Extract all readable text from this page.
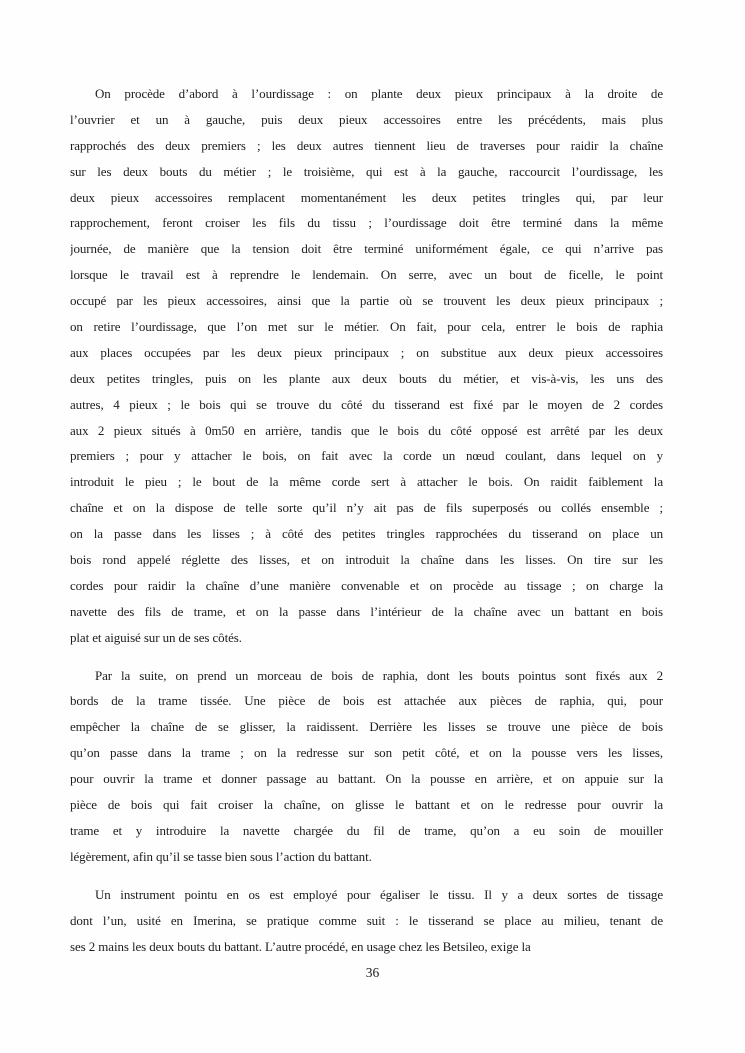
On procède d’abord à l’ourdissage : on plante deux pieux principaux à la droite de
l’ouvrier et un à gauche, puis deux pieux accessoires entre les précédents, mais plus
rapprochés des deux premiers ; les deux autres tiennent lieu de traverses pour raidir la chaîne
sur les deux bouts du métier ; le troisième, qui est à la gauche, raccourcit l’ourdissage, les
deux pieux accessoires remplacent momentanément les deux petites tringles qui, par leur
rapprochement, feront croiser les fils du tissu ; l’ourdissage doit être terminé dans la même
journée, de manière que la tension doit être terminé uniformément égale, ce qui n’arrive pas
lorsque le travail est à reprendre le lendemain. On serre, avec un bout de ficelle, le point
occupé par les pieux accessoires, ainsi que la partie où se trouvent les deux pieux principaux ;
on retire l’ourdissage, que l’on met sur le métier. On fait, pour cela, entrer le bois de raphia
aux places occupées par les deux pieux principaux ; on substitue aux deux pieux accessoires
deux petites tringles, puis on les plante aux deux bouts du métier, et vis-à-vis, les uns des
autres, 4 pieux ; le bois qui se trouve du côté du tisserand est fixé par le moyen de 2 cordes
aux 2 pieux situés à 0m50 en arrière, tandis que le bois du côté opposé est arrêté par les deux
premiers ; pour y attacher le bois, on fait avec la corde un nœud coulant, dans lequel on y
introduit le pieu ; le bout de la même corde sert à attacher le bois. On raidit faiblement la
chaîne et on la dispose de telle sorte qu’il n’y ait pas de fils superposés ou collés ensemble ;
on la passe dans les lisses ; à côté des petites tringles rapprochées du tisserand on place un
bois rond appelé réglette des lisses, et on introduit la chaîne dans les lisses. On tire sur les
cordes pour raidir la chaîne d’une manière convenable et on procède au tissage ; on charge la
navette des fils de trame, et on la passe dans l’intérieur de la chaîne avec un battant en bois
plat et aiguisé sur un de ses côtés.
Par la suite, on prend un morceau de bois de raphia, dont les bouts pointus sont fixés aux 2
bords de la trame tissée. Une pièce de bois est attachée aux pièces de raphia, qui, pour
empêcher la chaîne de se glisser, la raidissent. Derrière les lisses se trouve une pièce de bois
qu’on passe dans la trame ; on la redresse sur son petit côté, et on la pousse vers les lisses,
pour ouvrir la trame et donner passage au battant. On la pousse en arrière, et on appuie sur la
pièce de bois qui fait croiser la chaîne, on glisse le battant et on le redresse pour ouvrir la
trame et y introduire la navette chargée du fil de trame, qu’on a eu soin de mouiller
légèrement, afin qu’il se tasse bien sous l’action du battant.
Un instrument pointu en os est employé pour égaliser le tissu. Il y a deux sortes de tissage
dont l’un, usité en Imerina, se pratique comme suit : le tisserand se place au milieu, tenant de
ses 2 mains les deux bouts du battant. L’autre procédé, en usage chez les Betsileo, exige la
36
